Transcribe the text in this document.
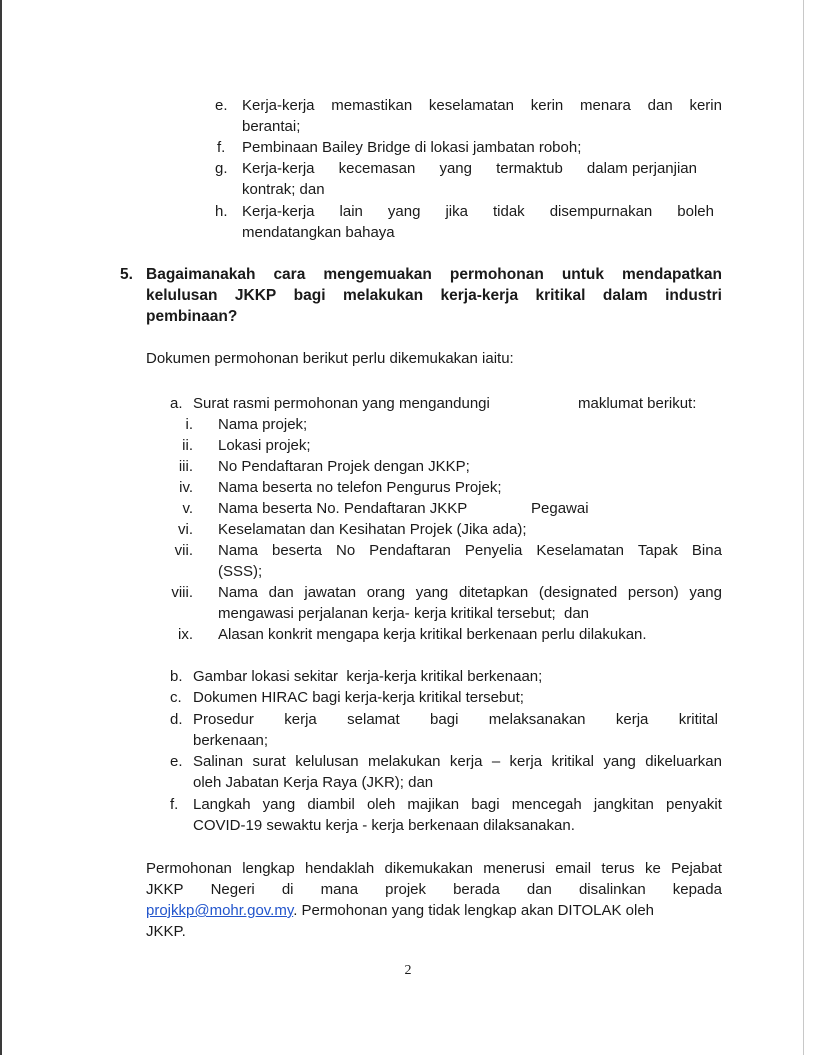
e. Kerja-kerja memastikan keselamatan kerin menara dan kerin
berantai;
f. Pembinaan Bailey Bridge di lokasi jambatan roboh;
g. Kerja-kerja kecemasan yang termaktub dalam perjanjian
kontrak; dan
h. Kerja-kerja lain yang jika tidak disempurnakan boleh
mendatangkan bahaya
5. Bagaimanakah cara mengemuakan permohonan untuk mendapatkan
kelulusan JKKP bagi melakukan kerja-kerja kritikal dalam industri
pembinaan?
Dokumen permohonan berikut perlu dikemukakan iaitu:
a. Surat rasmi permohonan yang mengandungi	maklumat berikut:
i. Nama projek;
ii. Lokasi projek;
iii. No Pendaftaran Projek dengan JKKP;
iv. Nama beserta no telefon Pengurus Projek;
v. Nama beserta No. Pendaftaran JKKP	Pegawai
vi. Keselamatan dan Kesihatan Projek (Jika ada);
vii. Nama beserta No Pendaftaran Penyelia Keselamatan Tapak Bina
(SSS);
viii. Nama dan jawatan orang yang ditetapkan (designated person) yang
mengawasi perjalanan kerja- kerja kritikal tersebut;  dan
ix. Alasan konkrit mengapa kerja kritikal berkenaan perlu dilakukan.
b. Gambar lokasi sekitar  kerja-kerja kritikal berkenaan;
c. Dokumen HIRAC bagi kerja-kerja kritikal tersebut;
d. Prosedur kerja selamat bagi melaksanakan kerja kritital
berkenaan;
e. Salinan surat kelulusan melakukan kerja – kerja kritikal yang dikeluarkan
oleh Jabatan Kerja Raya (JKR); dan
f. Langkah yang diambil oleh majikan bagi mencegah jangkitan penyakit
COVID-19 sewaktu kerja - kerja berkenaan dilaksanakan.
Permohonan lengkap hendaklah dikemukakan menerusi email terus ke Pejabat
JKKP Negeri di mana projek berada dan disalinkan kepada
projkkp@mohr.gov.my. Permohonan yang tidak lengkap akan DITOLAK oleh
JKKP.
2
